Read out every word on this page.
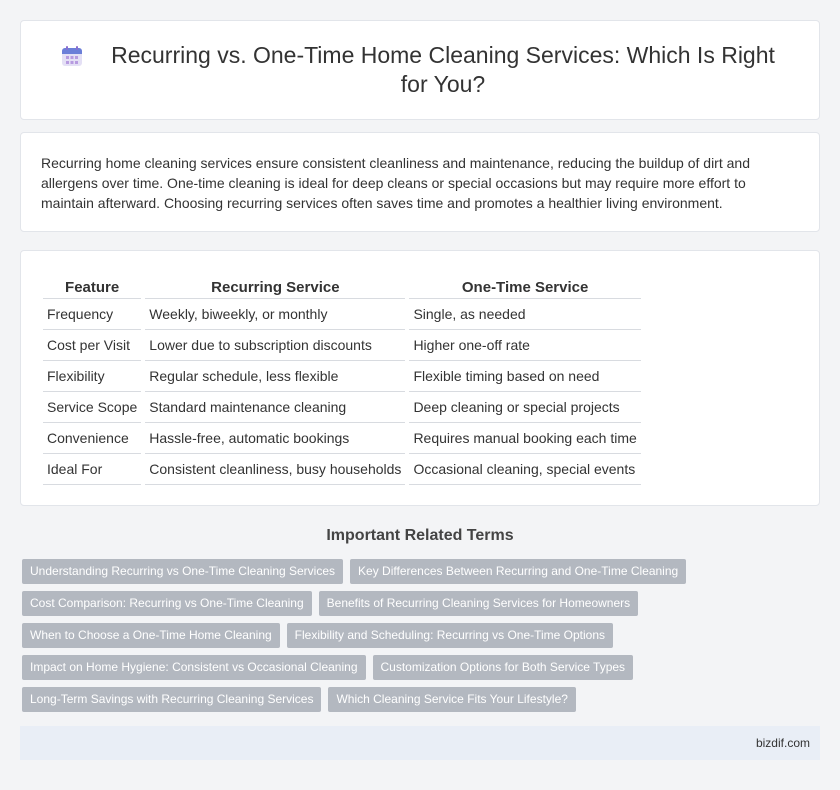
Recurring vs. One-Time Home Cleaning Services: Which Is Right for You?

Recurring home cleaning services ensure consistent cleanliness and maintenance, reducing the buildup of dirt and allergens over time. One-time cleaning is ideal for deep cleans or special occasions but may require more effort to maintain afterward. Choosing recurring services often saves time and promotes a healthier living environment.

Feature	Recurring Service	One-Time Service
Frequency	Weekly, biweekly, or monthly	Single, as needed
Cost per Visit	Lower due to subscription discounts	Higher one-off rate
Flexibility	Regular schedule, less flexible	Flexible timing based on need
Service Scope	Standard maintenance cleaning	Deep cleaning or special projects
Convenience	Hassle-free, automatic bookings	Requires manual booking each time
Ideal For	Consistent cleanliness, busy households	Occasional cleaning, special events
Important Related Terms
Understanding Recurring vs One-Time Cleaning Services	Key Differences Between Recurring and One-Time Cleaning
Cost Comparison: Recurring vs One-Time Cleaning	Benefits of Recurring Cleaning Services for Homeowners
When to Choose a One-Time Home Cleaning	Flexibility and Scheduling: Recurring vs One-Time Options
Impact on Home Hygiene: Consistent vs Occasional Cleaning	Customization Options for Both Service Types
Long-Term Savings with Recurring Cleaning Services	Which Cleaning Service Fits Your Lifestyle?
bizdif.com
